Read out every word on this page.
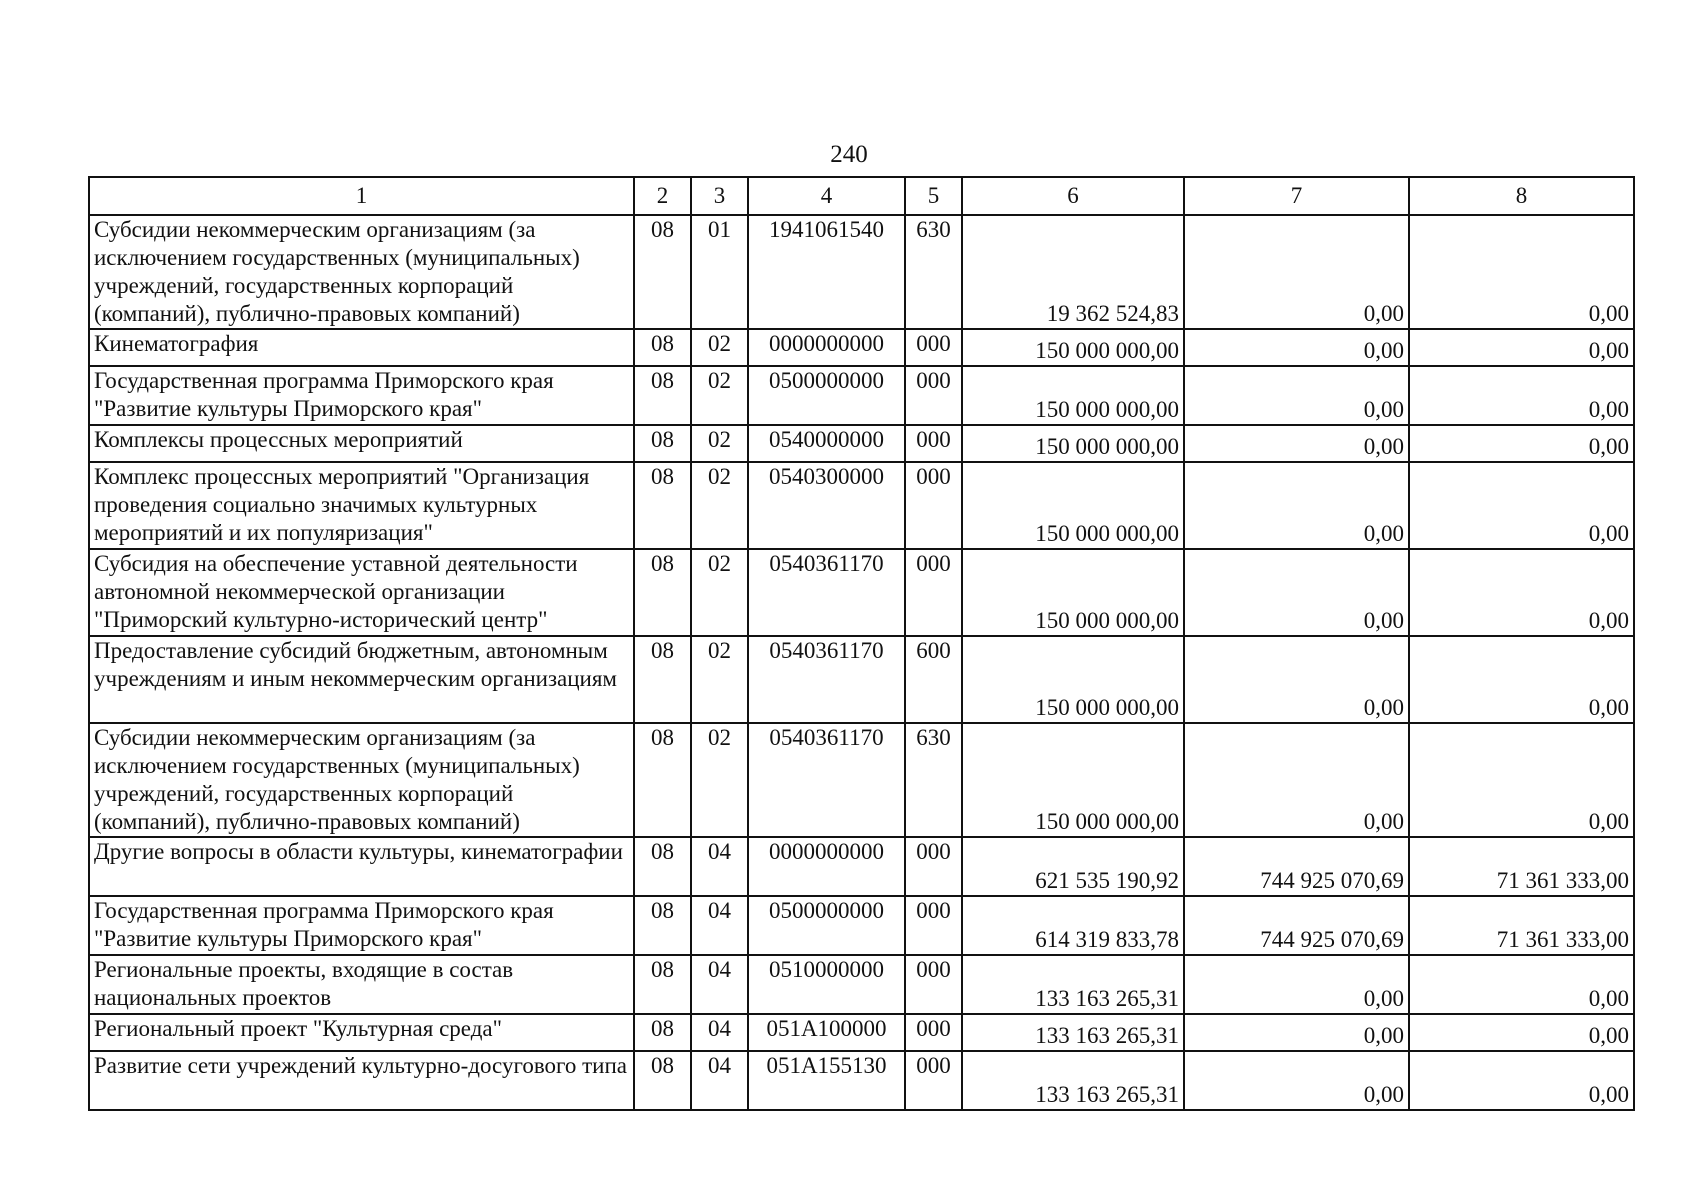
240
1	2	3	4	5	6	7	8
Субсидии некоммерческим организациям (за исключением государственных (муниципальных) учреждений, государственных корпораций (компаний), публично-правовых компаний)	08	01	1941061540	630	19 362 524,83	0,00	0,00
Кинематография	08	02	0000000000	000	150 000 000,00	0,00	0,00
Государственная программа Приморского края "Развитие культуры Приморского края"	08	02	0500000000	000	150 000 000,00	0,00	0,00
Комплексы процессных мероприятий	08	02	0540000000	000	150 000 000,00	0,00	0,00
Комплекс процессных мероприятий "Организация проведения социально значимых культурных мероприятий и их популяризация"	08	02	0540300000	000	150 000 000,00	0,00	0,00
Субсидия на обеспечение уставной деятельности автономной некоммерческой организации "Приморский культурно-исторический центр"	08	02	0540361170	000	150 000 000,00	0,00	0,00
Предоставление субсидий бюджетным, автономным учреждениям и иным некоммерческим организациям	08	02	0540361170	600	150 000 000,00	0,00	0,00
Субсидии некоммерческим организациям (за исключением государственных (муниципальных) учреждений, государственных корпораций (компаний), публично-правовых компаний)	08	02	0540361170	630	150 000 000,00	0,00	0,00
Другие вопросы в области культуры, кинематографии	08	04	0000000000	000	621 535 190,92	744 925 070,69	71 361 333,00
Государственная программа Приморского края "Развитие культуры Приморского края"	08	04	0500000000	000	614 319 833,78	744 925 070,69	71 361 333,00
Региональные проекты, входящие в состав национальных проектов	08	04	0510000000	000	133 163 265,31	0,00	0,00
Региональный проект "Культурная среда"	08	04	051A100000	000	133 163 265,31	0,00	0,00
Развитие сети учреждений культурно-досугового типа	08	04	051A155130	000	133 163 265,31	0,00	0,00
